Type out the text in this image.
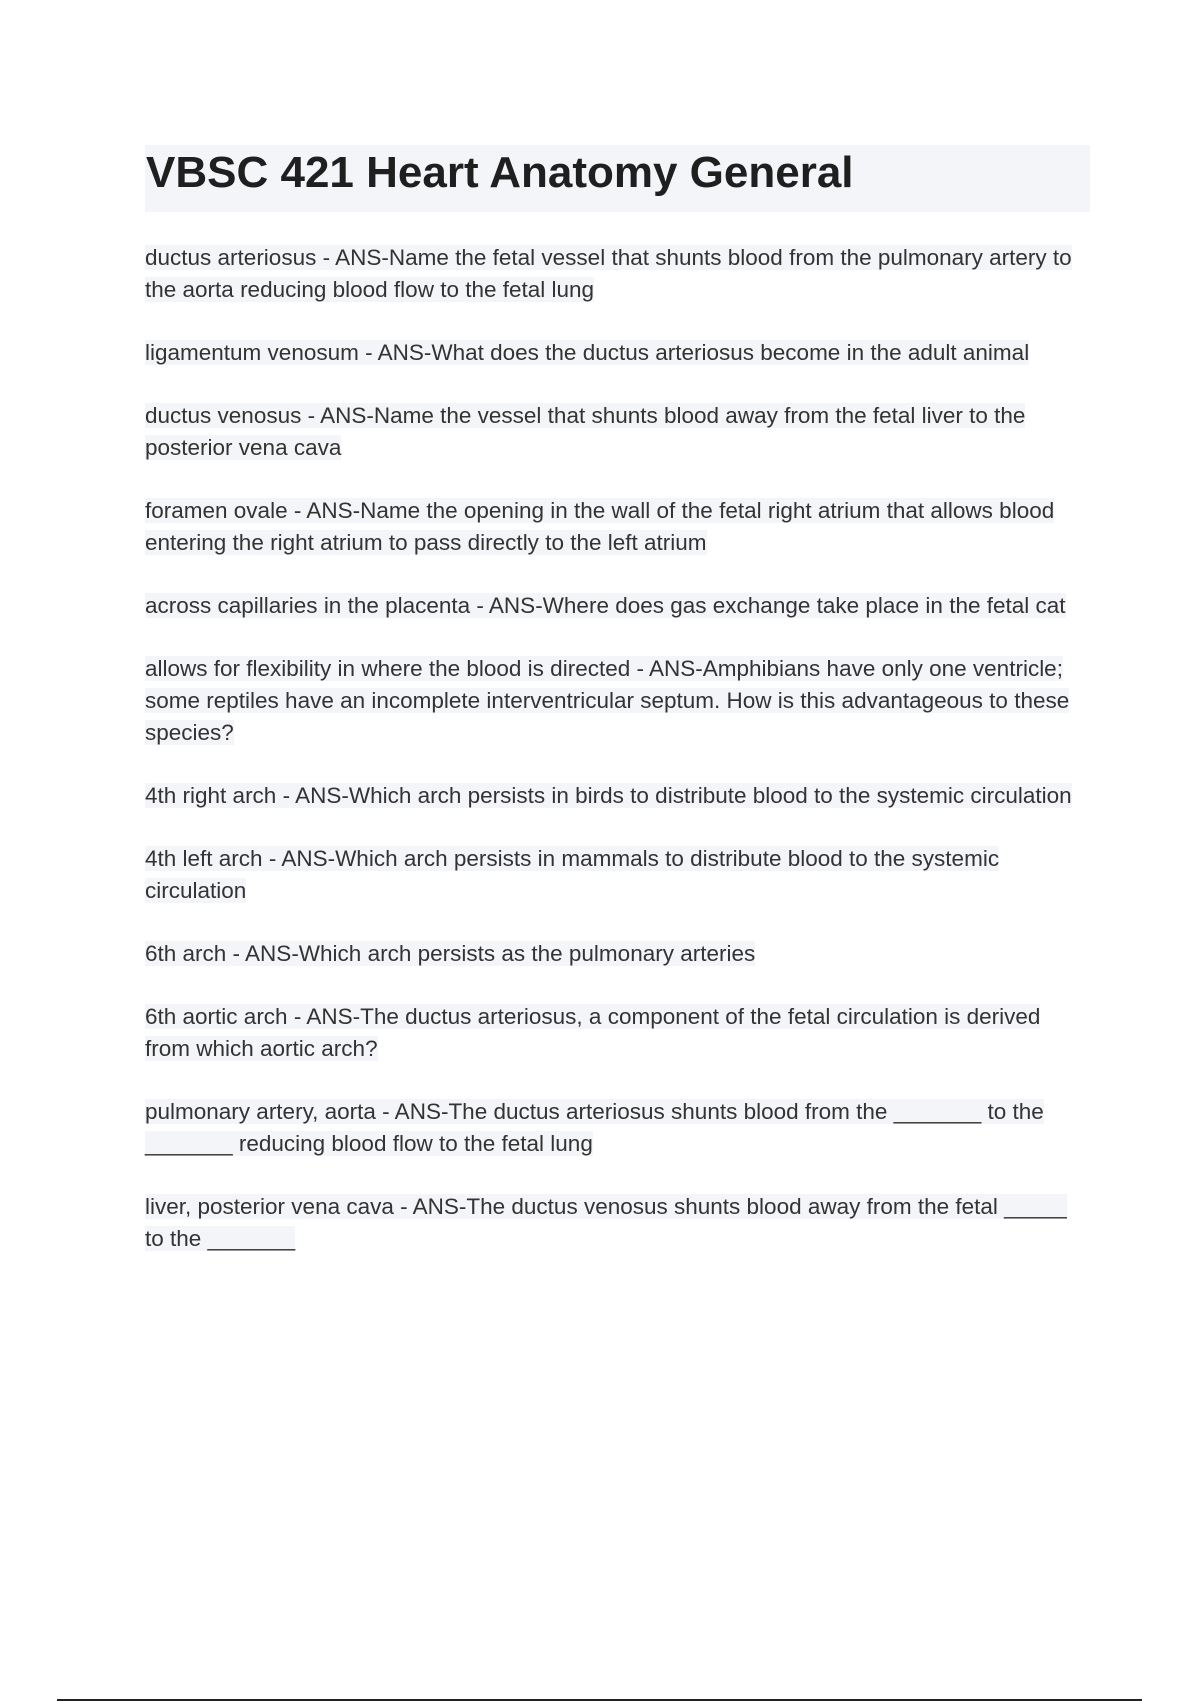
VBSC 421 Heart Anatomy General
ductus arteriosus - ANS-Name the fetal vessel that shunts blood from the pulmonary artery to the aorta reducing blood flow to the fetal lung
ligamentum venosum - ANS-What does the ductus arteriosus become in the adult animal
ductus venosus - ANS-Name the vessel that shunts blood away from the fetal liver to the posterior vena cava
foramen ovale - ANS-Name the opening in the wall of the fetal right atrium that allows blood entering the right atrium to pass directly to the left atrium
across capillaries in the placenta - ANS-Where does gas exchange take place in the fetal cat
allows for flexibility in where the blood is directed - ANS-Amphibians have only one ventricle; some reptiles have an incomplete interventricular septum. How is this advantageous to these species?
4th right arch - ANS-Which arch persists in birds to distribute blood to the systemic circulation
4th left arch - ANS-Which arch persists in mammals to distribute blood to the systemic circulation
6th arch - ANS-Which arch persists as the pulmonary arteries
6th aortic arch - ANS-The ductus arteriosus, a component of the fetal circulation is derived from which aortic arch?
pulmonary artery, aorta - ANS-The ductus arteriosus shunts blood from the _______ to the _______ reducing blood flow to the fetal lung
liver, posterior vena cava - ANS-The ductus venosus shunts blood away from the fetal _____ to the _______
